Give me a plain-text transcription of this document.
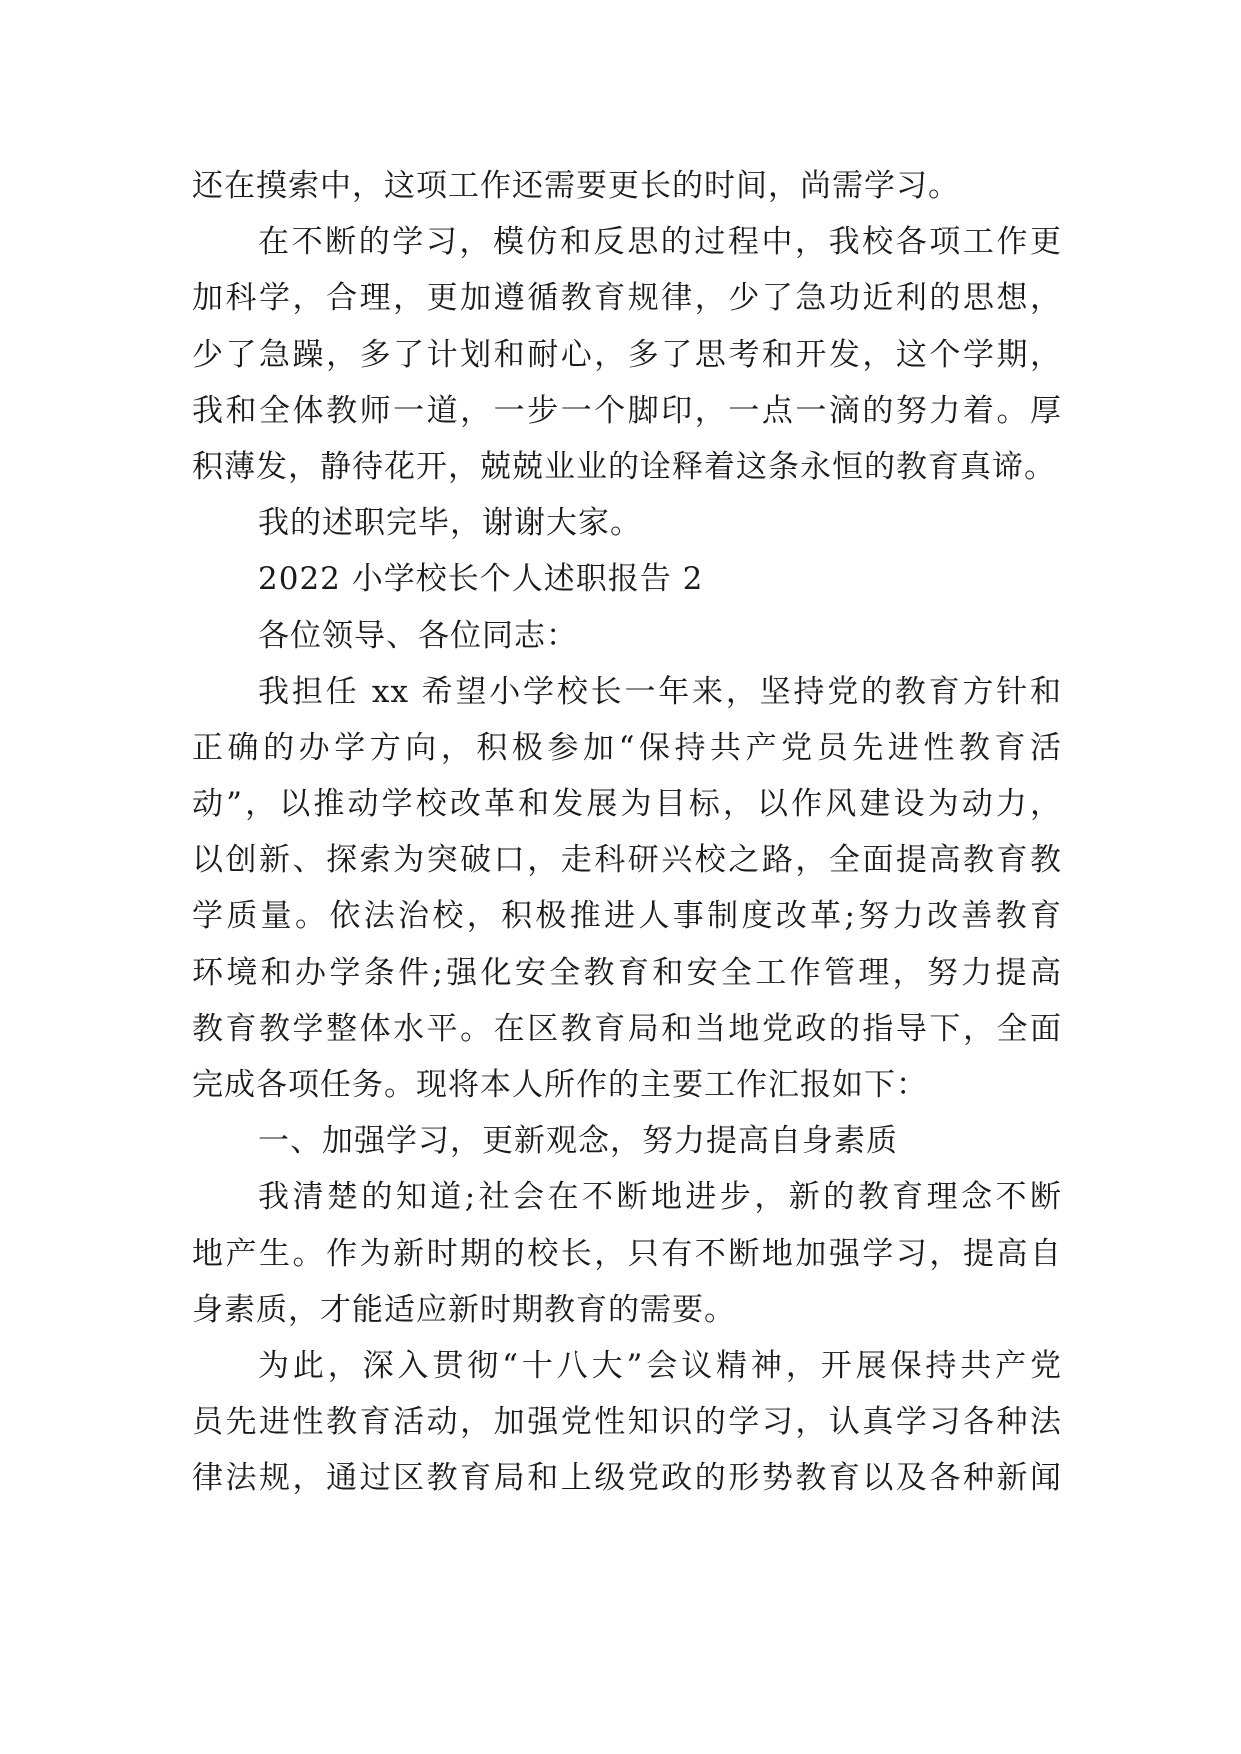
还在摸索中，这项工作还需要更长的时间，尚需学习。
在不断的学习，模仿和反思的过程中，我校各项工作更
加科学，合理，更加遵循教育规律，少了急功近利的思想，
少了急躁，多了计划和耐心，多了思考和开发，这个学期，
我和全体教师一道，一步一个脚印，一点一滴的努力着。厚
积薄发，静待花开，兢兢业业的诠释着这条永恒的教育真谛。
我的述职完毕，谢谢大家。
2022 小学校长个人述职报告 2
各位领导、各位同志：
我担任 xx 希望小学校长一年来，坚持党的教育方针和
正确的办学方向，积极参加“保持共产党员先进性教育活
动”，以推动学校改革和发展为目标，以作风建设为动力，
以创新、探索为突破口，走科研兴校之路，全面提高教育教
学质量。依法治校，积极推进人事制度改革;努力改善教育
环境和办学条件;强化安全教育和安全工作管理，努力提高
教育教学整体水平。在区教育局和当地党政的指导下，全面
完成各项任务。现将本人所作的主要工作汇报如下：
一、加强学习，更新观念，努力提高自身素质
我清楚的知道;社会在不断地进步，新的教育理念不断
地产生。作为新时期的校长，只有不断地加强学习，提高自
身素质，才能适应新时期教育的需要。
为此，深入贯彻“十八大”会议精神，开展保持共产党
员先进性教育活动，加强党性知识的学习，认真学习各种法
律法规，通过区教育局和上级党政的形势教育以及各种新闻
